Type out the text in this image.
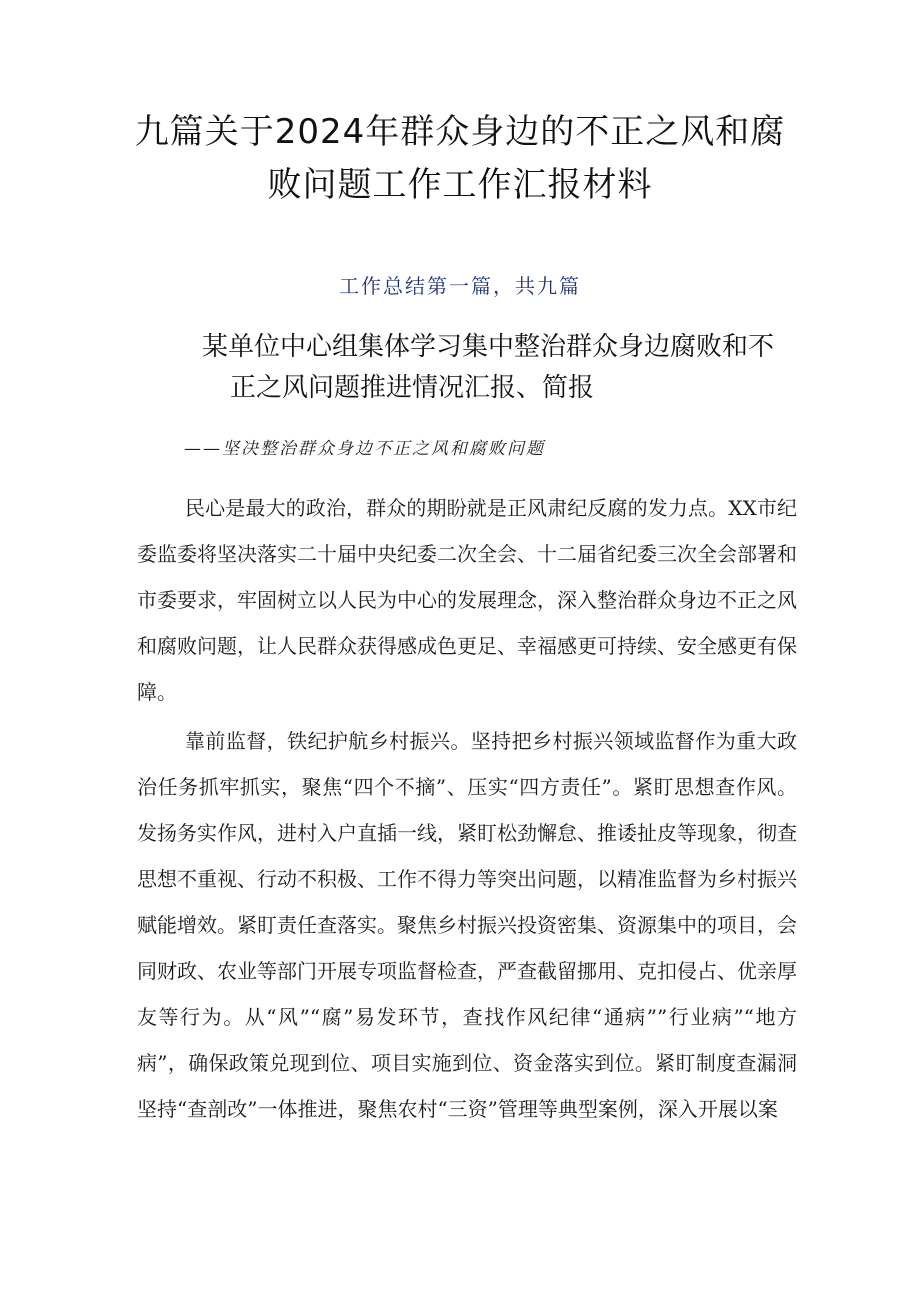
九篇关于2024年群众身边的不正之风和腐败问题工作工作汇报材料

工作总结第一篇，共九篇

某单位中心组集体学习集中整治群众身边腐败和不
正之风问题推进情况汇报、简报

——坚决整治群众身边不正之风和腐败问题

民心是最大的政治，群众的期盼就是正风肃纪反腐的发力点。XX市纪委监委将坚决落实二十届中央纪委二次全会、十二届省纪委三次全会部署和市委要求，牢固树立以人民为中心的发展理念，深入整治群众身边不正之风和腐败问题，让人民群众获得感成色更足、幸福感更可持续、安全感更有保障。

靠前监督，铁纪护航乡村振兴。坚持把乡村振兴领域监督作为重大政治任务抓牢抓实，聚焦“四个不摘”、压实“四方责任”。紧盯思想查作风。发扬务实作风，进村入户直插一线，紧盯松劲懈怠、推诿扯皮等现象，彻查思想不重视、行动不积极、工作不得力等突出问题，以精准监督为乡村振兴赋能增效。紧盯责任查落实。聚焦乡村振兴投资密集、资源集中的项目，会同财政、农业等部门开展专项监督检查，严查截留挪用、克扣侵占、优亲厚友等行为。从“风”“腐”易发环节，查找作风纪律“通病””行业病”“地方病”，确保政策兑现到位、项目实施到位、资金落实到位。紧盯制度查漏洞坚持“查剖改”一体推进，聚焦农村“三资”管理等典型案例，深入开展以案
